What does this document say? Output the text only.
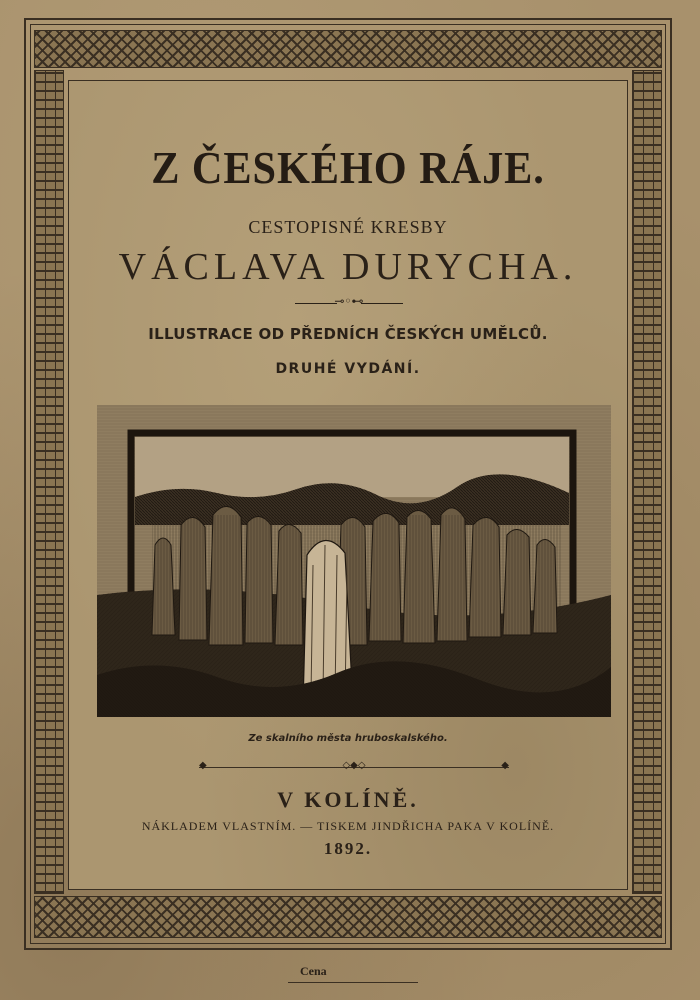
Z ČESKÉHO RÁJE.
CESTOPISNÉ KRESBY
VÁCLAVA DURYCHA.
⊸◦⊷
ILLUSTRACE OD PŘEDNÍCH ČESKÝCH UMĚLCŮ.
DRUHÉ VYDÁNÍ.
Ze skalního města hruboskalského.
◆	◇◆◇	◆
V KOLÍNĚ.
NÁKLADEM VLASTNÍM. — TISKEM JINDŘICHA PAKA V KOLÍNĚ.
1892.
Cena
